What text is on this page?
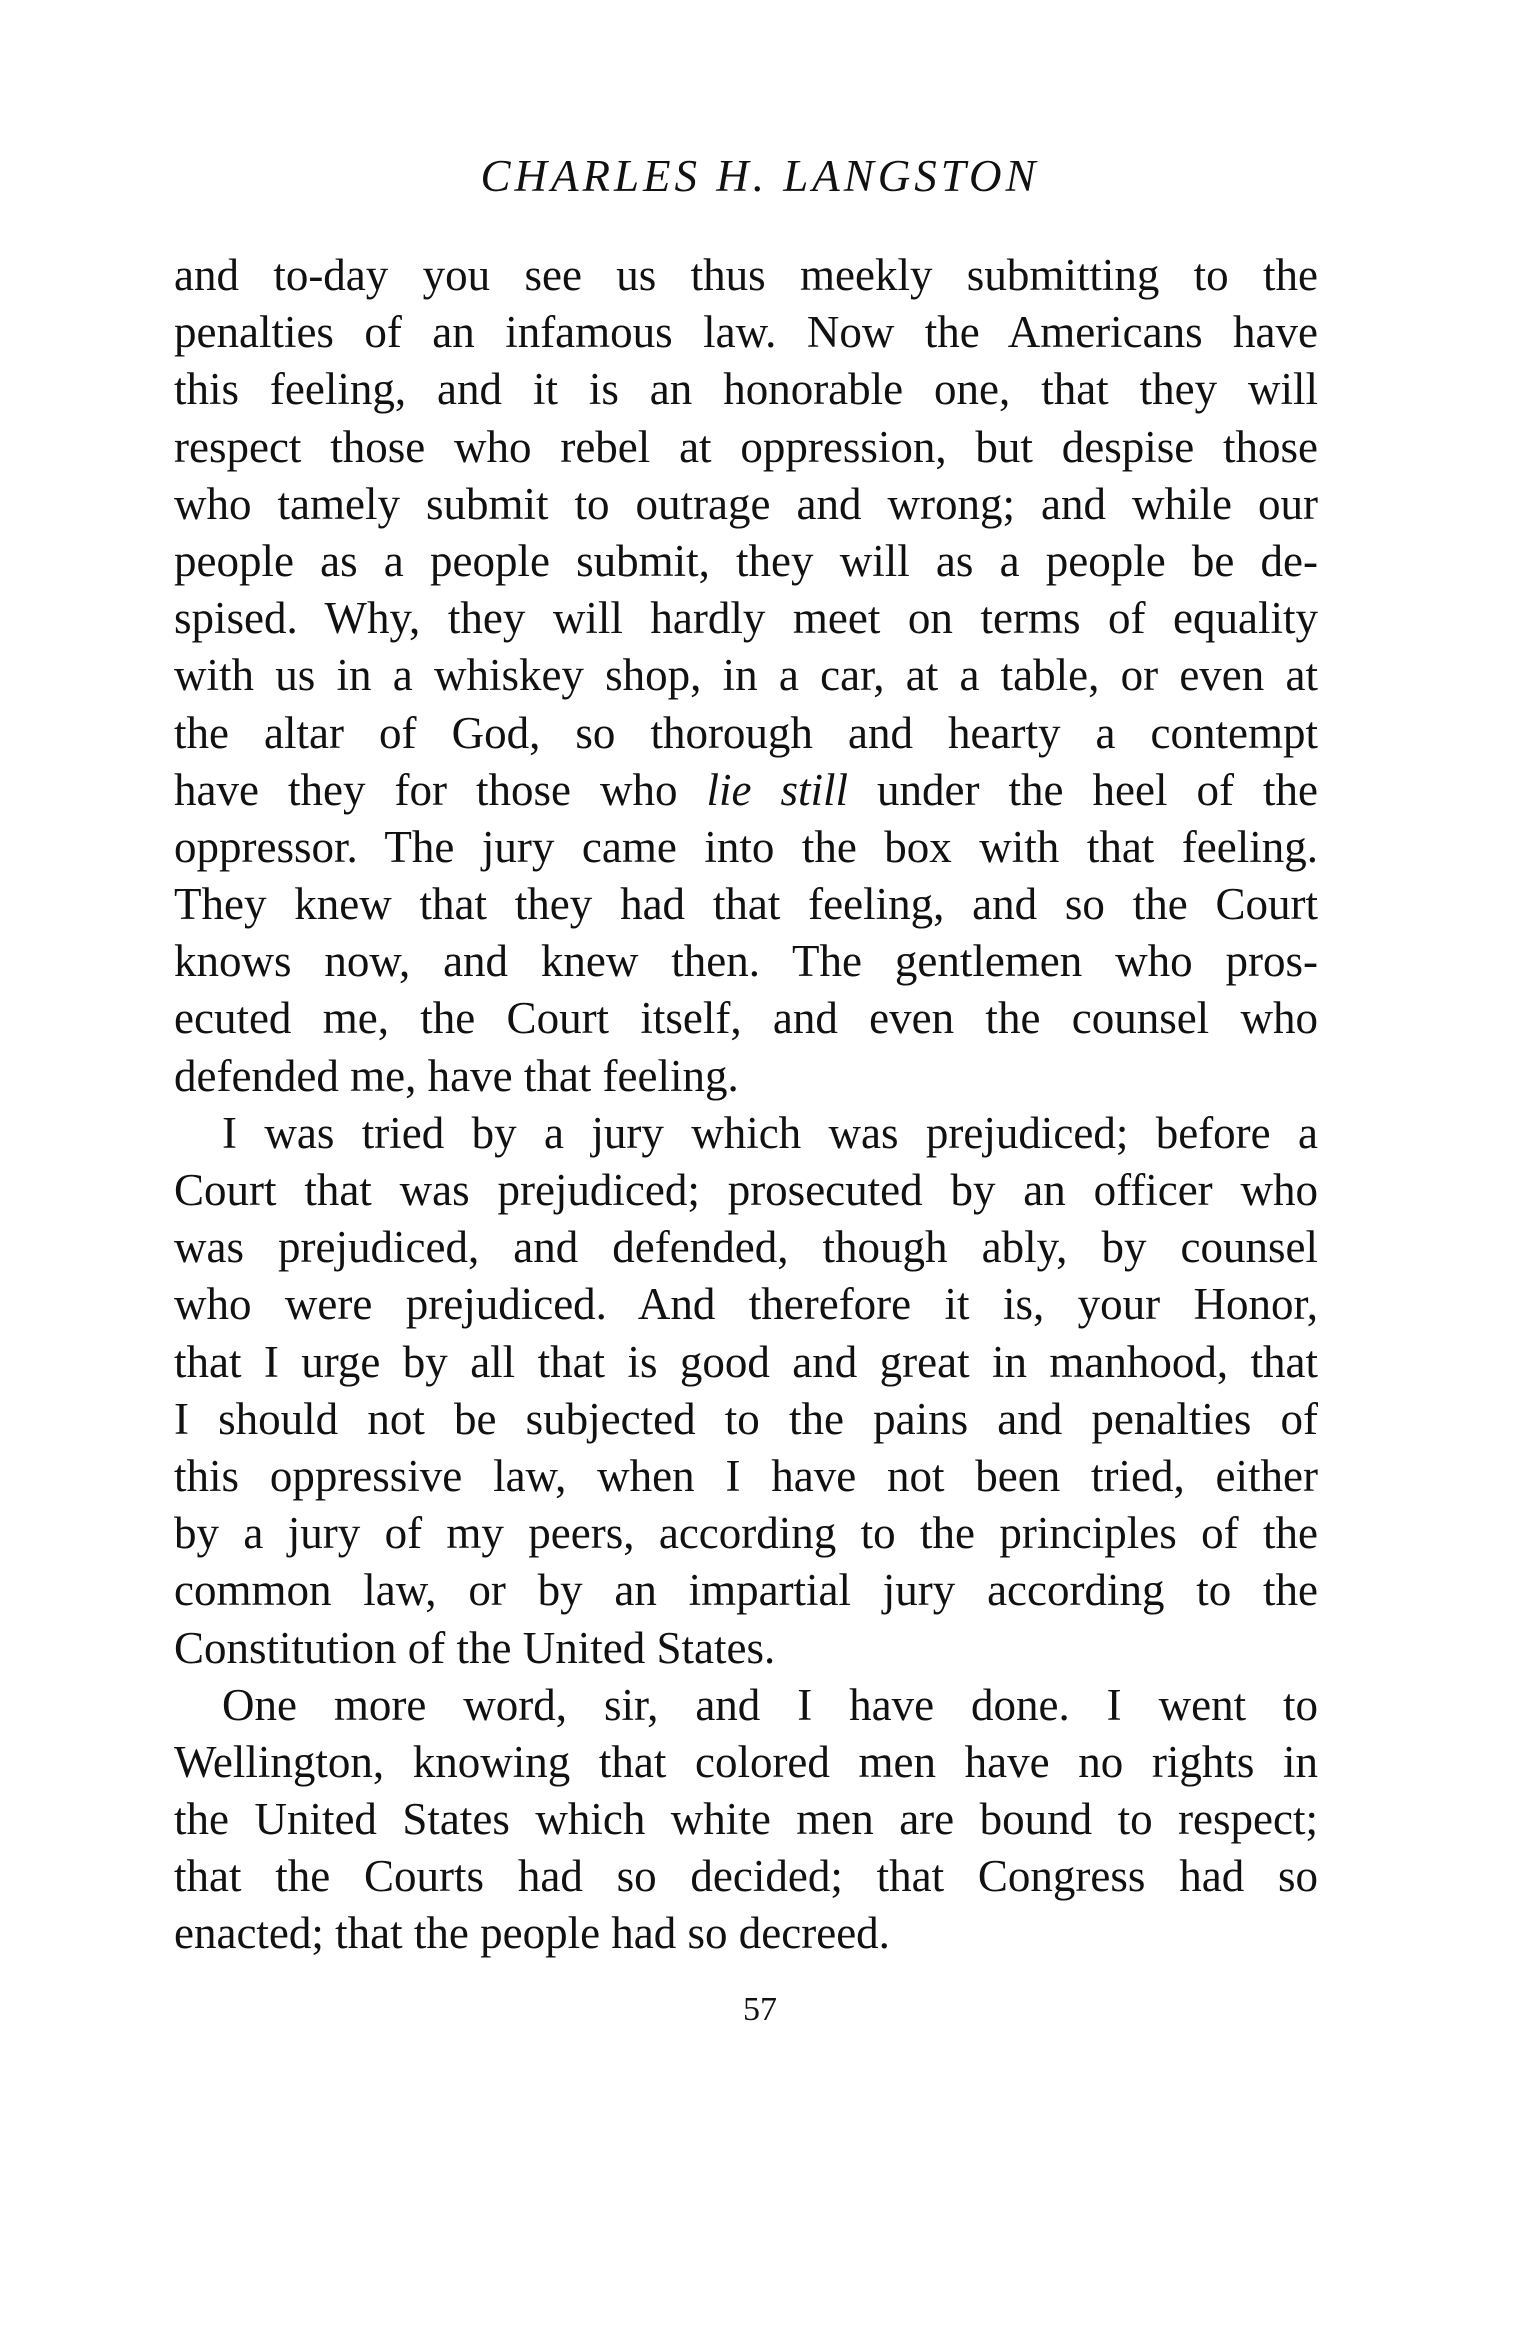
CHARLES H. LANGSTON
and to-day you see us thus meekly submitting to the
penalties of an infamous law. Now the Americans have
this feeling, and it is an honorable one, that they will
respect those who rebel at oppression, but despise those
who tamely submit to outrage and wrong; and while our
people as a people submit, they will as a people be de-
spised. Why, they will hardly meet on terms of equality
with us in a whiskey shop, in a car, at a table, or even at
the altar of God, so thorough and hearty a contempt
have they for those who lie still under the heel of the
oppressor. The jury came into the box with that feeling.
They knew that they had that feeling, and so the Court
knows now, and knew then. The gentlemen who pros-
ecuted me, the Court itself, and even the counsel who
defended me, have that feeling.
I was tried by a jury which was prejudiced; before a
Court that was prejudiced; prosecuted by an officer who
was prejudiced, and defended, though ably, by counsel
who were prejudiced. And therefore it is, your Honor,
that I urge by all that is good and great in manhood, that
I should not be subjected to the pains and penalties of
this oppressive law, when I have not been tried, either
by a jury of my peers, according to the principles of the
common law, or by an impartial jury according to the
Constitution of the United States.
One more word, sir, and I have done. I went to
Wellington, knowing that colored men have no rights in
the United States which white men are bound to respect;
that the Courts had so decided; that Congress had so
enacted; that the people had so decreed.
57
